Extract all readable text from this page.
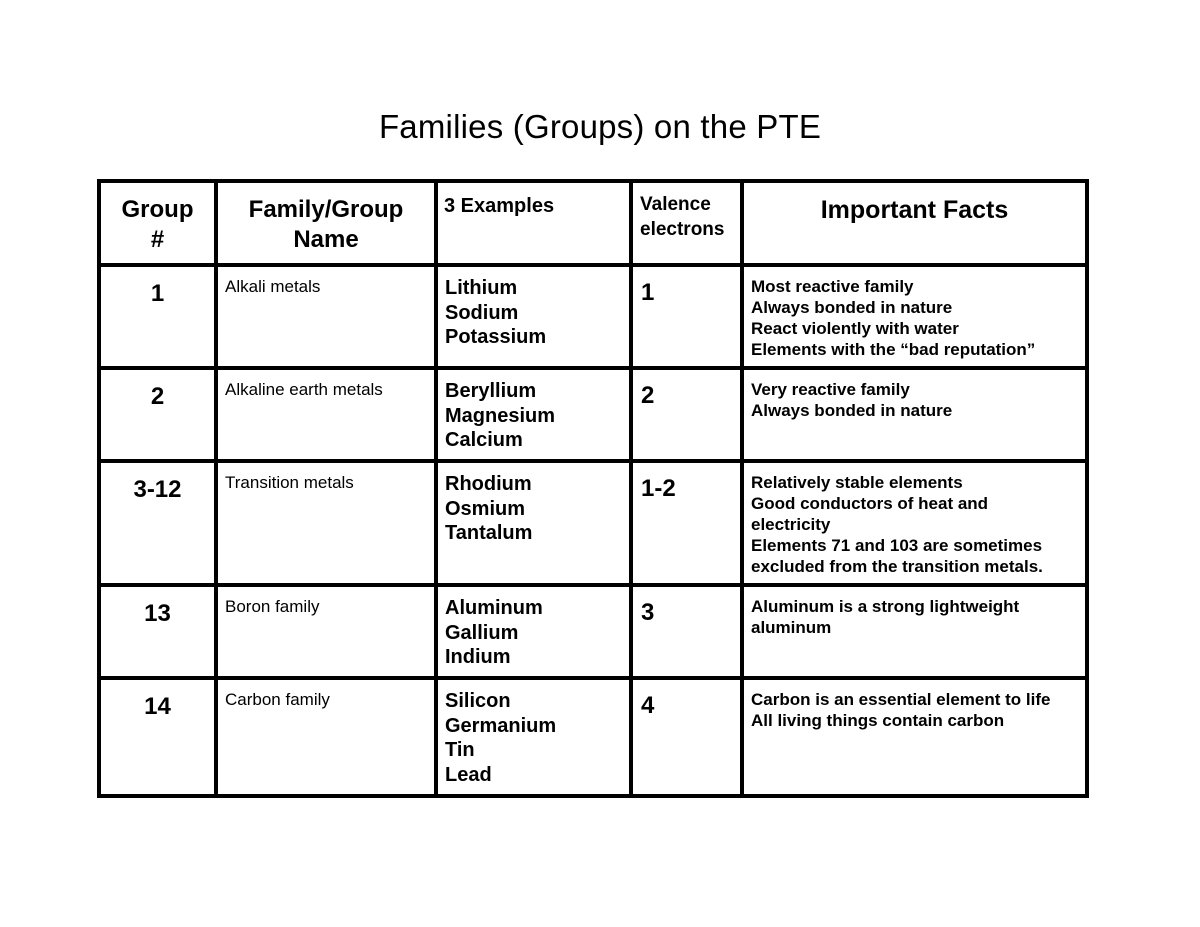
Families (Groups) on the PTE
Group
#	Family/Group
Name	3 Examples	Valence
electrons	Important Facts

1	Alkali metals	Lithium
Sodium
Potassium	1	Most reactive family
Always bonded in nature
React violently with water
Elements with the “bad reputation”

2	Alkaline earth metals	Beryllium
Magnesium
Calcium	2	Very reactive family
Always bonded in nature

3-12	Transition metals	Rhodium
Osmium
Tantalum	1-2	Relatively stable elements
Good conductors of heat and
electricity
Elements 71 and 103 are sometimes
excluded from the transition metals.

13	Boron family	Aluminum
Gallium
Indium	3	Aluminum is a strong lightweight
aluminum

14	Carbon family	Silicon
Germanium
Tin
Lead	4	Carbon is an essential element to life
All living things contain carbon
